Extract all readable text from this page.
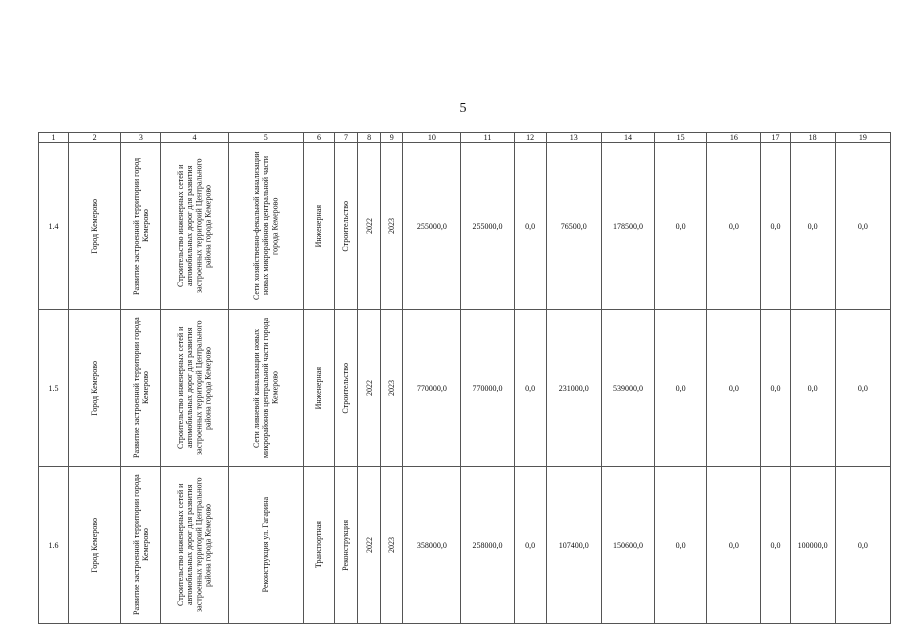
5
1	2	3	4	5	6	7	8	9	10	11	12	13	14	15	16	17	18	19
1.4	Город Кемерово	Развитие застроенной территории город Кемерово	Строительство инженерных сетей и автомобильных дорог для развития застроенных территорий Центрального района города Кемерово	Сети хозяйственно-фекальной канализации новых микрорайонов центральной части города Кемерово	Инженерная	Строительство	2022	2023	255000,0	255000,0	0,0	76500,0	178500,0	0,0	0,0	0,0	0,0	0,0
1.5	Город Кемерово	Развитие застроенной территории города Кемерово	Строительство инженерных сетей и автомобильных дорог для развития застроенных территорий Центрального района города Кемерово	Сети ливневой канализации новых микрорайонов центральной части города Кемерово	Инженерная	Строительство	2022	2023	770000,0	770000,0	0,0	231000,0	539000,0	0,0	0,0	0,0	0,0	0,0
1.6	Город Кемерово	Развитие застроенной территории города Кемерово	Строительство инженерных сетей и автомобильных дорог для развития застроенных территорий Центрального района города Кемерово	Реконструкция ул. Гагарина	Транспортная	Реконструкция	2022	2023	358000,0	258000,0	0,0	107400,0	150600,0	0,0	0,0	0,0	100000,0	0,0
